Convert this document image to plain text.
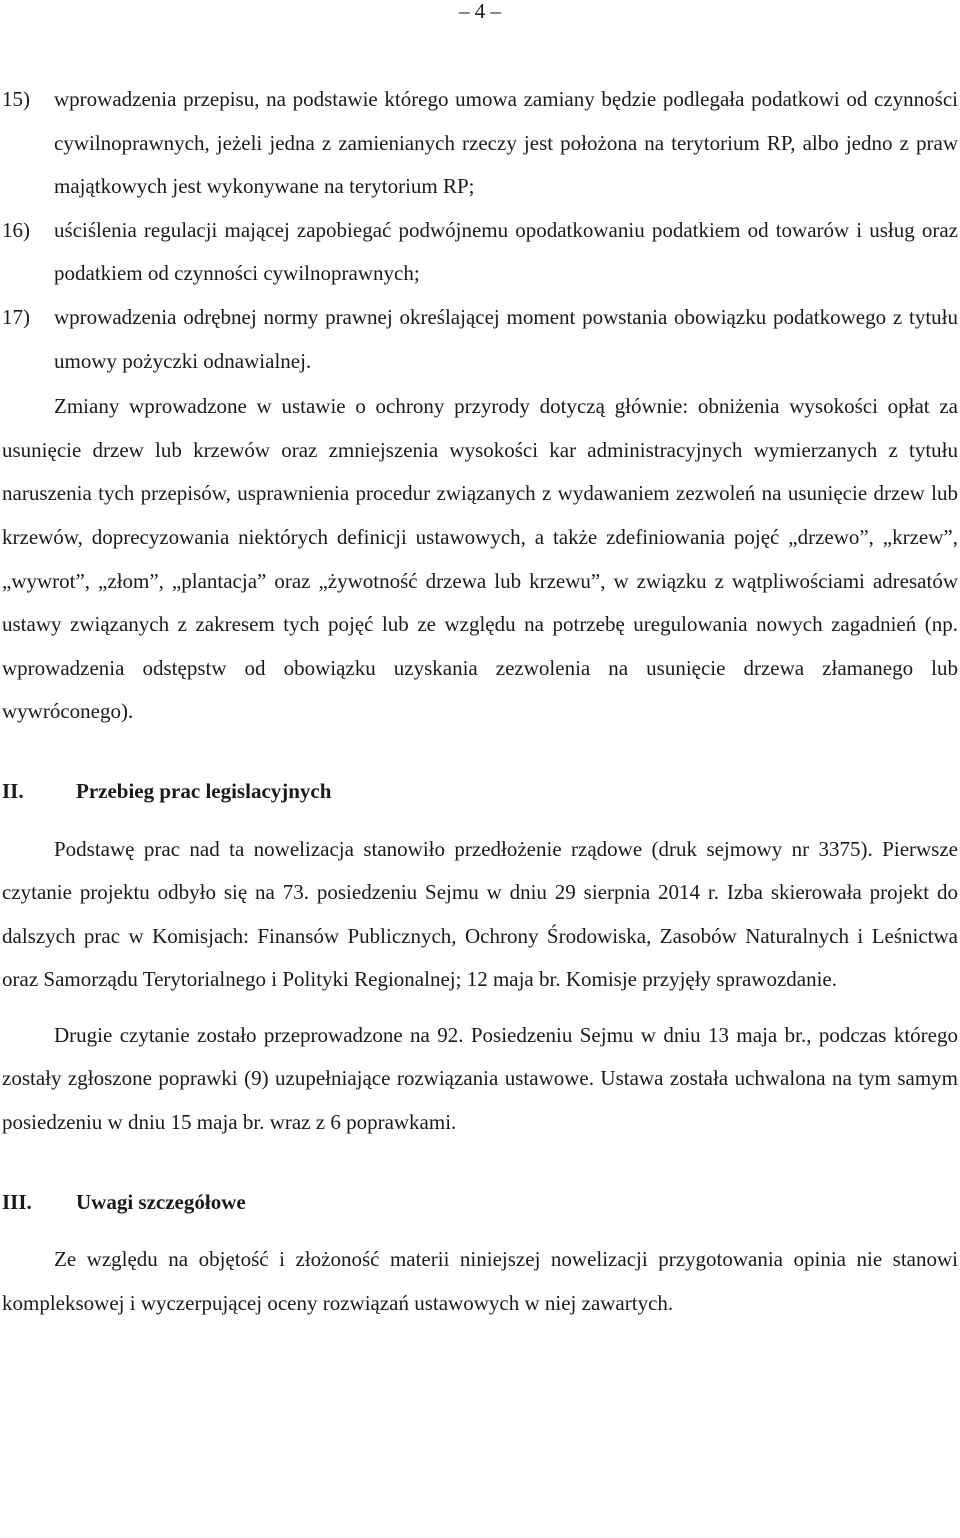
– 4 –
15)	wprowadzenia przepisu, na podstawie którego umowa zamiany będzie podlegała podatkowi od czynności cywilnoprawnych, jeżeli jedna z zamienianych rzeczy jest położona na terytorium RP, albo jedno z praw majątkowych jest wykonywane na terytorium RP;
16)	uściślenia regulacji mającej zapobiegać podwójnemu opodatkowaniu podatkiem od towarów i usług oraz podatkiem od czynności cywilnoprawnych;
17)	wprowadzenia odrębnej normy prawnej określającej moment powstania obowiązku podatkowego z tytułu umowy pożyczki odnawialnej.

Zmiany wprowadzone w ustawie o ochrony przyrody dotyczą głównie: obniżenia wysokości opłat za usunięcie drzew lub krzewów oraz zmniejszenia wysokości kar administracyjnych wymierzanych z tytułu naruszenia tych przepisów, usprawnienia procedur związanych z wydawaniem zezwoleń na usunięcie drzew lub krzewów, doprecyzowania niektórych definicji ustawowych, a także zdefiniowania pojęć „drzewo”, „krzew”, „wywrot”, „złom”, „plantacja” oraz „żywotność drzewa lub krzewu”, w związku z wątpliwościami adresatów ustawy związanych z zakresem tych pojęć lub ze względu na potrzebę uregulowania nowych zagadnień (np. wprowadzenia odstępstw od obowiązku uzyskania zezwolenia na usunięcie drzewa złamanego lub wywróconego).

II.	Przebieg prac legislacyjnych

Podstawę prac nad ta nowelizacja stanowiło przedłożenie rządowe (druk sejmowy nr 3375). Pierwsze czytanie projektu odbyło się na 73. posiedzeniu Sejmu w dniu 29 sierpnia 2014 r. Izba skierowała projekt do dalszych prac w Komisjach: Finansów Publicznych, Ochrony Środowiska, Zasobów Naturalnych i Leśnictwa oraz Samorządu Terytorialnego i Polityki Regionalnej; 12 maja br. Komisje przyjęły sprawozdanie.

Drugie czytanie zostało przeprowadzone na 92. Posiedzeniu Sejmu w dniu 13 maja br., podczas którego zostały zgłoszone poprawki (9) uzupełniające rozwiązania ustawowe. Ustawa została uchwalona na tym samym posiedzeniu w dniu 15 maja br. wraz z 6 poprawkami.

III.	Uwagi szczegółowe

Ze względu na objętość i złożoność materii niniejszej nowelizacji przygotowania opinia nie stanowi kompleksowej i wyczerpującej oceny rozwiązań ustawowych w niej zawartych.
